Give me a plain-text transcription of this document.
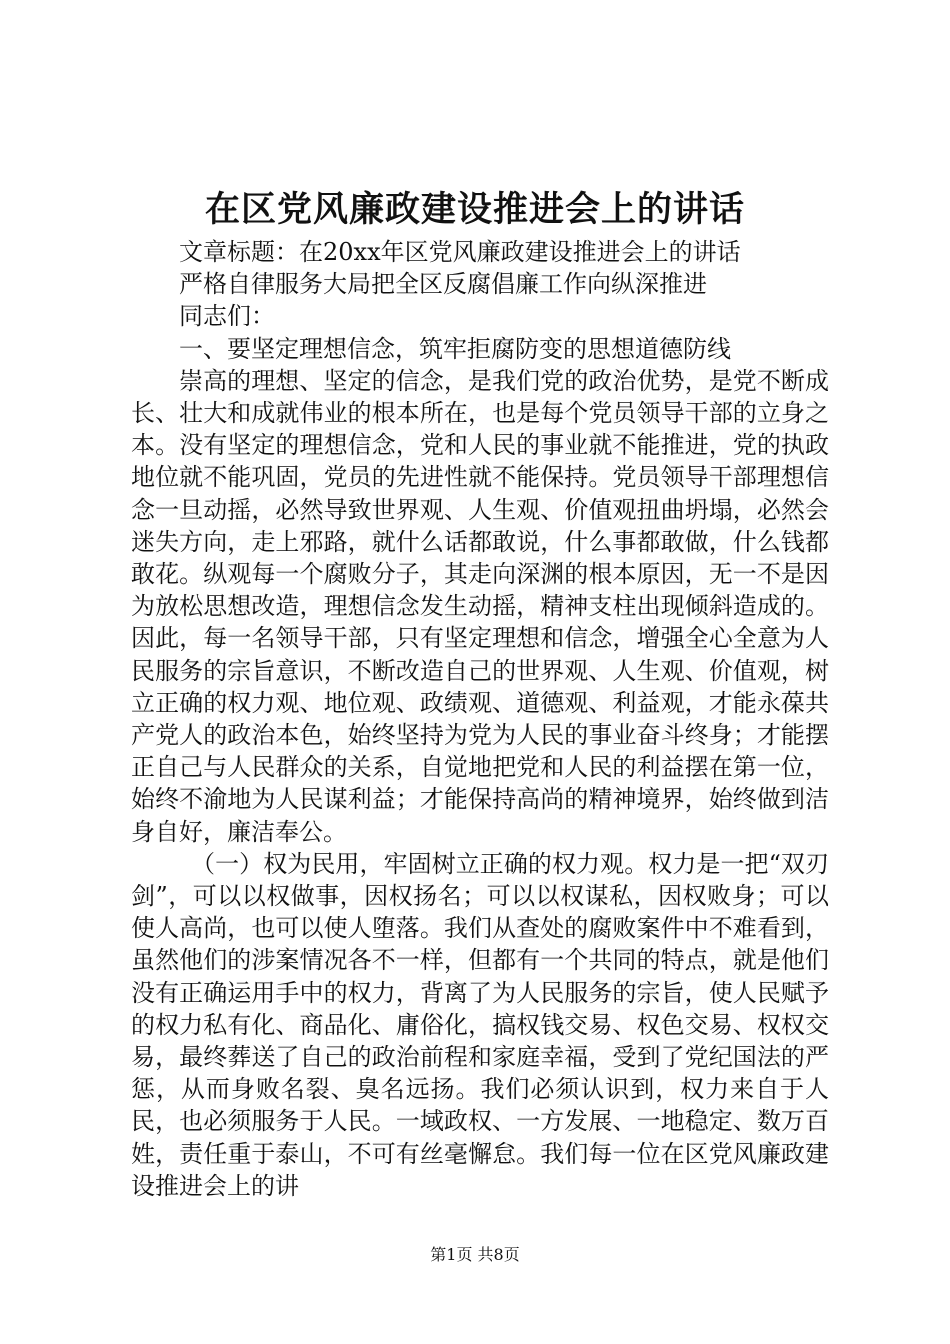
在区党风廉政建设推进会上的讲话

文章标题：在20xx年区党风廉政建设推进会上的讲话

严格自律服务大局把全区反腐倡廉工作向纵深推进

同志们：

一、要坚定理想信念，筑牢拒腐防变的思想道德防线

崇高的理想、坚定的信念，是我们党的政治优势，是党不断成长、壮大和成就伟业的根本所在，也是每个党员领导干部的立身之本。没有坚定的理想信念，党和人民的事业就不能推进，党的执政地位就不能巩固，党员的先进性就不能保持。党员领导干部理想信念一旦动摇，必然导致世界观、人生观、价值观扭曲坍塌，必然会迷失方向，走上邪路，就什么话都敢说，什么事都敢做，什么钱都敢花。纵观每一个腐败分子，其走向深渊的根本原因，无一不是因为放松思想改造，理想信念发生动摇，精神支柱出现倾斜造成的。因此，每一名领导干部，只有坚定理想和信念，增强全心全意为人民服务的宗旨意识，不断改造自己的世界观、人生观、价值观，树立正确的权力观、地位观、政绩观、道德观、利益观，才能永葆共产党人的政治本色，始终坚持为党为人民的事业奋斗终身；才能摆正自己与人民群众的关系，自觉地把党和人民的利益摆在第一位，始终不渝地为人民谋利益；才能保持高尚的精神境界，始终做到洁身自好，廉洁奉公。

（一）权为民用，牢固树立正确的权力观。权力是一把“双刃剑”，可以以权做事，因权扬名；可以以权谋私，因权败身；可以使人高尚，也可以使人堕落。我们从查处的腐败案件中不难看到，虽然他们的涉案情况各不一样，但都有一个共同的特点，就是他们没有正确运用手中的权力，背离了为人民服务的宗旨，使人民赋予的权力私有化、商品化、庸俗化，搞权钱交易、权色交易、权权交易，最终葬送了自己的政治前程和家庭幸福，受到了党纪国法的严惩，从而身败名裂、臭名远扬。我们必须认识到，权力来自于人民，也必须服务于人民。一域政权、一方发展、一地稳定、数万百姓，责任重于泰山，不可有丝毫懈怠。我们每一位在区党风廉政建设推进会上的讲

第1页 共8页
